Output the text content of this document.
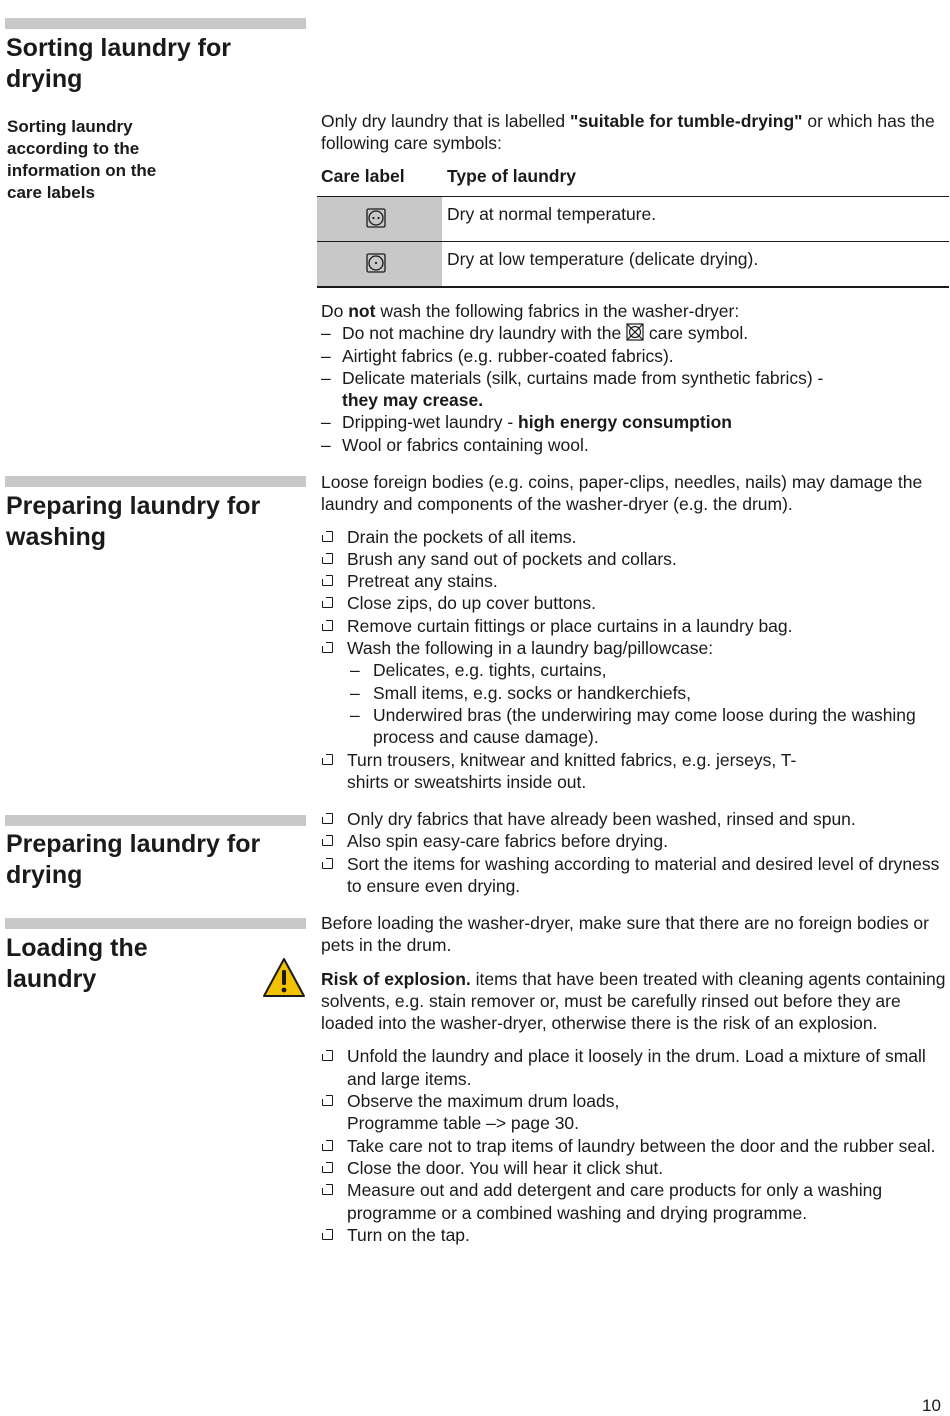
Sorting laundry for drying
Sorting laundry according to the information on the care labels

Only dry laundry that is labelled "suitable for tumble-drying" or which has the following care symbols:

Care label Type of laundry
Dry at normal temperature.
Dry at low temperature (delicate drying).

Do not wash the following fabrics in the washer-dryer:

– Do not machine dry laundry with the  care symbol.
– Airtight fabrics (e.g. rubber-coated fabrics).
– Delicate materials (silk, curtains made from synthetic fabrics) -
they may crease.
– Dripping-wet laundry - high energy consumption
– Wool or fabrics containing wool.
Preparing laundry for washing

Loose foreign bodies (e.g. coins, paper-clips, needles, nails) may damage the laundry and components of the washer-dryer (e.g. the drum).

Drain the pockets of all items.
Brush any sand out of pockets and collars.
Pretreat any stains.
Close zips, do up cover buttons.
Remove curtain fittings or place curtains in a laundry bag.
Wash the following in a laundry bag/pillowcase:
– Delicates, e.g. tights, curtains,
– Small items, e.g. socks or handkerchiefs,
– Underwired bras (the underwiring may come loose during the washing process and cause damage).
Turn trousers, knitwear and knitted fabrics, e.g. jerseys, T-shirts or sweatshirts inside out.
Preparing laundry for drying
Only dry fabrics that have already been washed, rinsed and spun.
Also spin easy-care fabrics before drying.
Sort the items for washing according to material and desired level of dryness to ensure even drying.
Loading the laundry

Before loading the washer-dryer, make sure that there are no foreign bodies or pets in the drum.

Risk of explosion. items that have been treated with cleaning agents containing solvents, e.g. stain remover or, must be carefully rinsed out before they are loaded into the washer-dryer, otherwise there is the risk of an explosion.

Unfold the laundry and place it loosely in the drum. Load a mixture of small and large items.
Observe the maximum drum loads,
Programme table –> page 30.
Take care not to trap items of laundry between the door and the rubber seal.
Close the door. You will hear it click shut.
Measure out and add detergent and care products for only a washing programme or a combined washing and drying programme.
Turn on the tap.
10
